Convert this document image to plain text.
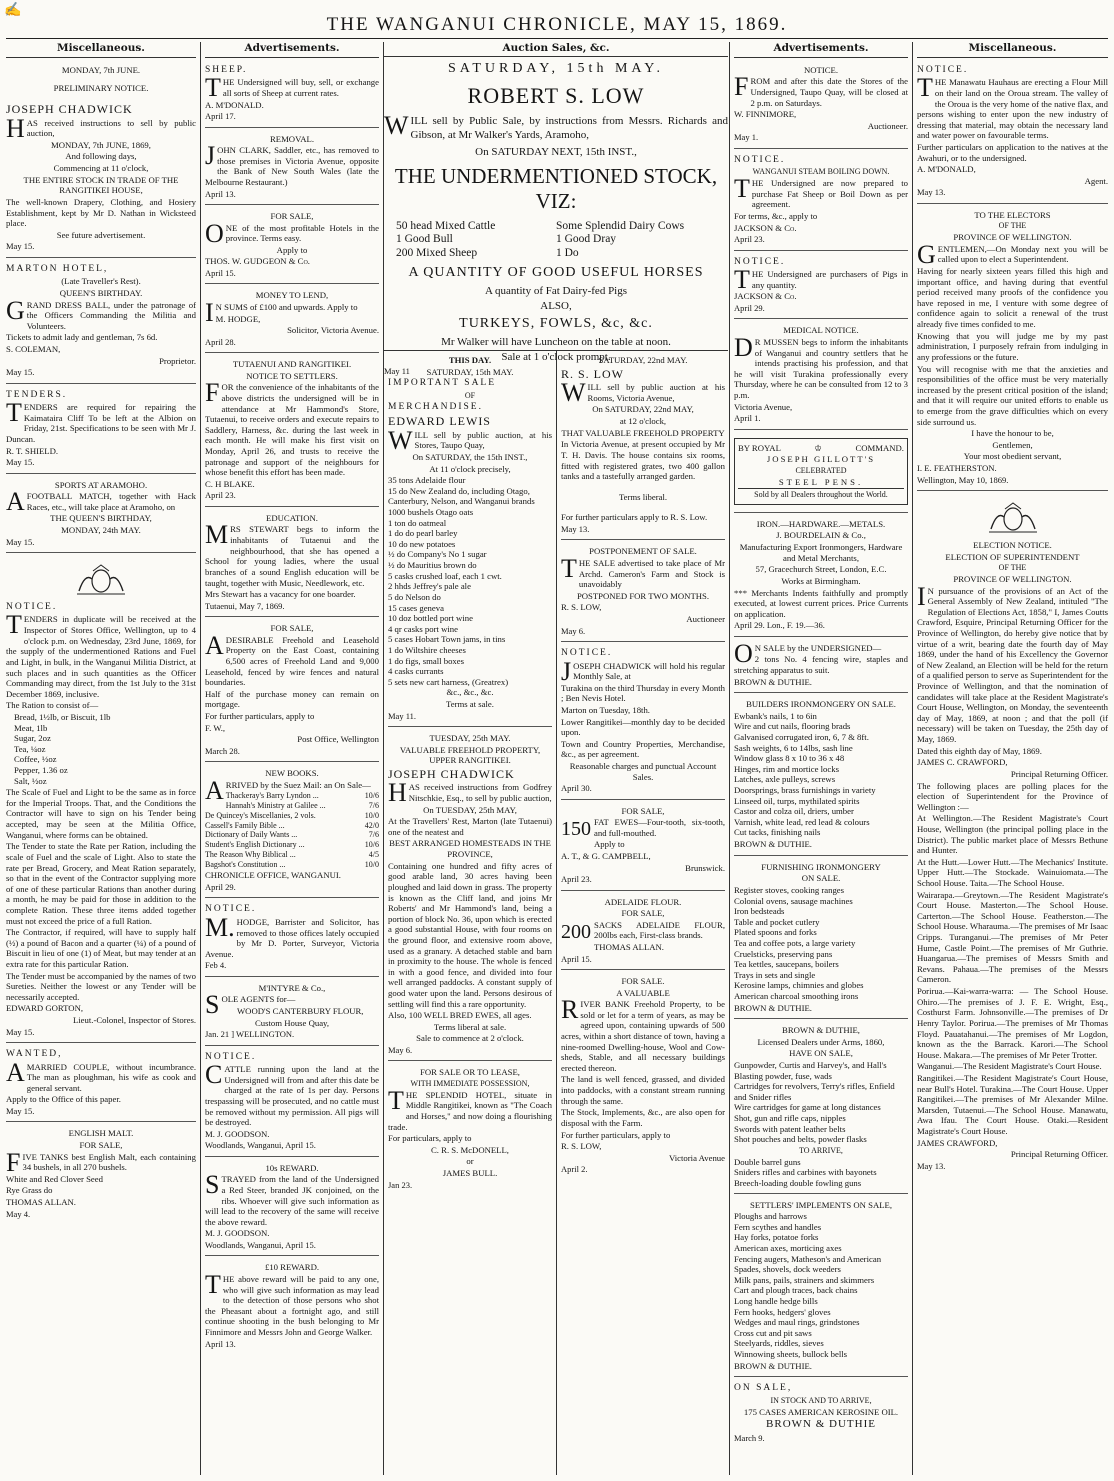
✍
THE WANGANUI CHRONICLE, MAY 15, 1869.
Miscellaneous.

MONDAY, 7th JUNE.

PRELIMINARY NOTICE.

JOSEPH CHADWICK

HAS received instructions to sell by public auction,

MONDAY, 7th JUNE, 1869,

And following days,

Commencing at 11 o'clock,

THE ENTIRE STOCK IN TRADE OF THE RANGITIKEI HOUSE,

The well-known Drapery, Clothing, and Hosiery Establishment, kept by Mr D. Nathan in Wicksteed place.

See future advertisement.

May 15.

MARTON HOTEL,

(Late Traveller's Rest).

QUEEN'S BIRTHDAY.

GRAND DRESS BALL, under the patronage of the Officers Commanding the Militia and Volunteers.

Tickets to admit lady and gentleman, 7s 6d.

S. COLEMAN,

Proprietor.

May 15.

TENDERS.

TENDERS are required for repairing the Kaimataira Cliff To be left at the Albion on Friday, 21st. Specifications to be seen with Mr J. Duncan.

R. T. SHIELD.

May 15.

SPORTS AT ARAMOHO.

AFOOTBALL MATCH, together with Hack Races, etc., will take place at Aramoho, on

THE QUEEN'S BIRTHDAY,

MONDAY, 24th MAY.

May 15.

NOTICE.

TENDERS in duplicate will be received at the Inspector of Stores Office, Wellington, up to 4 o'clock p.m. on Wednesday, 23rd June, 1869, for the supply of the undermentioned Rations and Fuel and Light, in bulk, in the Wanganui Militia District, at such places and in such quantities as the Officer Commanding may direct, from the 1st July to the 31st December 1869, inclusive.

The Ration to consist of—

Bread, 1½lb, or Biscuit, 1lb
Meat, 1lb
Sugar, 2oz
Tea, ¼oz
Coffee, ½oz
Pepper, 1.36 oz
Salt, ½oz

The Scale of Fuel and Light to be the same as in force for the Imperial Troops. That, and the Conditions the Contractor will have to sign on his Tender being accepted, may be seen at the Militia Office, Wanganui, where forms can be obtained.

The Tender to state the Rate per Ration, including the scale of Fuel and the scale of Light. Also to state the rate per Bread, Grocery, and Meat Ration separately, so that in the event of the Contractor supplying more of one of these particular Rations than another during a month, he may be paid for those in addition to the complete Ration. These three items added together must not exceed the price of a full Ration.

The Contractor, if required, will have to supply half (½) a pound of Bacon and a quarter (¼) of a pound of Biscuit in lieu of one (1) of Meat, but may tender at an extra rate for this particular Ration.

The Tender must be accompanied by the names of two Sureties. Neither the lowest or any Tender will be necessarily accepted.

EDWARD GORTON,

Lieut.-Colonel, Inspector of Stores.

May 15.

WANTED,

AMARRIED COUPLE, without incumbrance. The man as ploughman, his wife as cook and general servant.

Apply to the Office of this paper.

May 15.

ENGLISH MALT.

FOR SALE,

FIVE TANKS best English Malt, each containing 34 bushels, in all 270 bushels.

White and Red Clover Seed

Rye Grass do

THOMAS ALLAN.

May 4.

Advertisements.

SHEEP.

THE Undersigned will buy, sell, or exchange all sorts of Sheep at current rates.

A. M'DONALD.

April 17.

REMOVAL.

JOHN CLARK, Saddler, etc., has removed to those premises in Victoria Avenue, opposite the Bank of New South Wales (late the Melbourne Restaurant.)

April 13.

FOR SALE,

ONE of the most profitable Hotels in the province. Terms easy.

Apply to

THOS. W. GUDGEON & Co.

April 15.

MONEY TO LEND,

IN SUMS of £100 and upwards. Apply to

M. HODGE,

Solicitor, Victoria Avenue.

April 28.

TUTAENUI AND RANGITIKEI.

NOTICE TO SETTLERS.

FOR the convenience of the inhabitants of the above districts the undersigned will be in attendance at Mr Hammond's Store, Tutaenui, to receive orders and execute repairs to Saddlery, Harness, &c. during the last week in each month. He will make his first visit on Monday, April 26, and trusts to receive the patronage and support of the neighbours for whose benefit this effort has been made.

C. H BLAKE.

April 23.

EDUCATION.

MRS STEWART begs to inform the inhabitants of Tutaenui and the neighbourhood, that she has opened a School for young ladies, where the usual branches of a sound English education will be taught, together with Music, Needlework, etc.

Mrs Stewart has a vacancy for one boarder.

Tutaenui, May 7, 1869.

FOR SALE,

ADESIRABLE Freehold and Leasehold Property on the East Coast, containing 6,500 acres of Freehold Land and 9,000 Leasehold, fenced by wire fences and natural boundaries.

Half of the purchase money can remain on mortgage.

For further particulars, apply to

F. W.,

Post Office, Wellington

March 28.

NEW BOOKS.

ARRIVED by the Suez Mail: an On Sale—

Thackeray's Barry Lyndon ...	10/6
Hannah's Ministry at Galilee ...	7/6
De Quincey's Miscellanies, 2 vols.	10/0
Cassell's Family Bible ...	42/0
Dictionary of Daily Wants ...	7/6
Student's English Dictionary ...	10/6
The Reason Why Biblical ...	4/5
Bagshot's Constitution ...	10/0

CHRONICLE OFFICE, WANGANUI.

April 29.

NOTICE.

M.HODGE, Barrister and Solicitor, has removed to those offices lately occupied by Mr D. Porter, Surveyor, Victoria Avenue.

Feb 4.

M'INTYRE & Co.,

SOLE AGENTS for—

WOOD'S CANTERBURY FLOUR,

Custom House Quay,

Jan. 21 ] WELLINGTON.

NOTICE.

CATTLE running upon the land at the Undersigned will from and after this date be charged at the rate of 1s per day. Persons trespassing will be prosecuted, and no cattle must be removed without my permission. All pigs will be destroyed.

M. J. GOODSON.

Woodlands, Wanganui, April 15.

10s REWARD.

STRAYED from the land of the Undersigned a Red Steer, branded JK conjoined, on the ribs. Whoever will give such information as will lead to the recovery of the same will receive the above reward.

M. J. GOODSON.

Woodlands, Wanganui, April 15.

£10 REWARD.

THE above reward will be paid to any one, who will give such information as may lead to the detection of those persons who shot the Pheasant about a fortnight ago, and still continue shooting in the bush belonging to Mr Finnimore and Messrs John and George Walker.

April 13.

Auction Sales, &c.
SATURDAY, 15th MAY.
ROBERT S. LOW

WILL sell by Public Sale, by instructions from Messrs. Richards and Gibson, at Mr Walker's Yards, Aramoho,

On SATURDAY NEXT, 15th INST.,
THE UNDERMENTIONED STOCK, VIZ:
50 head Mixed Cattle	Some Splendid Dairy Cows
1 Good Bull	1 Good Dray
200 Mixed Sheep	1 Do
A QUANTITY OF GOOD USEFUL HORSES
A quantity of Fat Dairy-fed Pigs
ALSO,
TURKEYS, FOWLS, &c, &c.
Mr Walker will have Luncheon on the table at noon.
Sale at 1 o'clock prompt.
May 11

THIS DAY.

SATURDAY, 15th MAY.

IMPORTANT SALE

OF

MERCHANDISE.

EDWARD LEWIS

WILL sell by public auction, at his Stores, Taupo Quay,

On SATURDAY, the 15th INST.,

At 11 o'clock precisely,

35 tons Adelaide flour
15 do New Zealand do, including Otago, Canterbury, Nelson, and Wanganui brands
1000 bushels Otago oats
1 ton do oatmeal
1 do do pearl barley
10 do new potatoes
½ do Company's No 1 sugar
½ do Mauritius brown do
5 casks crushed loaf, each 1 cwt.
2 hhds Jeffrey's pale ale
5 do Nelson do
15 cases geneva
10 doz bottled port wine
4 qr casks port wine
5 cases Hobart Town jams, in tins
1 do Wiltshire cheeses
1 do figs, small boxes
4 casks currants
5 sets new cart harness, (Greatrex)
&c., &c., &c.

Terms at sale.

May 11.

TUESDAY, 25th MAY.

VALUABLE FREEHOLD PROPERTY, UPPER RANGITIKEI.

JOSEPH CHADWICK

HAS received instructions from Godfrey Nitschkie, Esq., to sell by public auction,

On TUESDAY, 25th MAY,

At the Travellers' Rest, Marton (late Tutaenui) one of the neatest and

BEST ARRANGED HOMESTEADS IN THE PROVINCE,

Containing one hundred and fifty acres of good arable land, 30 acres having been ploughed and laid down in grass. The property is known as the Cliff land, and joins Mr Roberts' and Mr Hammond's land, being a portion of block No. 36, upon which is erected a good substantial House, with four rooms on the ground floor, and extensive room above, used as a granary. A detached stable and barn in proximity to the house. The whole is fenced in with a good fence, and divided into four well arranged paddocks. A constant supply of good water upon the land. Persons desirous of settling will find this a rare opportunity.

Also, 100 WELL BRED EWES, all ages.

Terms liberal at sale.

Sale to commence at 2 o'clock.

May 6.

FOR SALE OR TO LEASE,

WITH IMMEDIATE POSSESSION,

THE SPLENDID HOTEL, situate in Middle Rangitikei, known as "The Coach and Horses," and now doing a flourishing trade.

For particulars, apply to

C. R. S. McDONELL,

or

JAMES BULL.

Jan 23.

SATURDAY, 22nd MAY.

R. S. LOW

WILL sell by public auction at his Rooms, Victoria Avenue,

On SATURDAY, 22nd MAY,

at 12 o'clock,

THAT VALUABLE FREEHOLD PROPERTY

In Victoria Avenue, at present occupied by Mr T. H. Davis. The house contains six rooms, fitted with registered grates, two 400 gallon tanks and a tastefully arranged garden.

Terms liberal.

For further particulars apply to R. S. Low.

May 13.

POSTPONEMENT OF SALE.

THE SALE advertised to take place of Mr Archd. Cameron's Farm and Stock is unavoidably

POSTPONED FOR TWO MONTHS.

R. S. LOW,

Auctioneer

May 6.

NOTICE.

JOSEPH CHADWICK will hold his regular Monthly Sale, at

Turakina on the third Thursday in every Month ; Ben Nevis Hotel.

Marton on Tuesday, 18th.

Lower Rangitikei—monthly day to be decided upon.

Town and Country Properties, Merchandise, &c., as per agreement.

Reasonable charges and punctual Account Sales.

April 30.

FOR SALE,

150 FAT EWES—Four-tooth, six-tooth, and full-mouthed.

Apply to

A. T., & G. CAMPBELL,

Brunswick.

April 23.

ADELAIDE FLOUR.

FOR SALE,

200 SACKS ADELAIDE FLOUR, 200lbs each, First-class brands.

THOMAS ALLAN.

April 15.

FOR SALE.

A VALUABLE

RIVER BANK Freehold Property, to be sold or let for a term of years, as may be agreed upon, containing upwards of 500 acres, within a short distance of town, having a nine-roomed Dwelling-house, Wool and Cow-sheds, Stable, and all necessary buildings erected thereon.

The land is well fenced, grassed, and divided into paddocks, with a constant stream running through the same.

The Stock, Implements, &c., are also open for disposal with the Farm.

For further particulars, apply to

R. S. LOW,

Victoria Avenue

April 2.

Advertisements.

NOTICE.

FROM and after this date the Stores of the Undersigned, Taupo Quay, will be closed at 2 p.m. on Saturdays.

W. FINNIMORE,

Auctioneer.

May 1.

NOTICE.

WANGANUI STEAM BOILING DOWN.

THE Undersigned are now prepared to purchase Fat Sheep or Boil Down as per agreement.

For terms, &c., apply to

JACKSON & Co.

April 23.

NOTICE.

THE Undersigned are purchasers of Pigs in any quantity.

JACKSON & Co.

April 29.

MEDICAL NOTICE.

DR MUSSEN begs to inform the inhabitants of Wanganui and country settlers that he intends practising his profession, and that he will visit Turakina professionally every Thursday, where he can be consulted from 12 to 3 p.m.

Victoria Avenue,

April 1.

BY ROYAL	♔	COMMAND.

JOSEPH GILLOTT'S

CELEBRATED

STEEL PENS.

Sold by all Dealers throughout the World.

IRON.—HARDWARE.—METALS.

J. BOURDELAIN & Co.,

Manufacturing Export Ironmongers, Hardware and Metal Merchants,

57, Gracechurch Street, London, E.C.

Works at Birmingham.

*** Merchants Indents faithfully and promptly executed, at lowest current prices. Price Currents on application.

April 29. Lon., F. 19.—36.

ON SALE by the UNDERSIGNED—

2 tons No. 4 fencing wire, staples and stretching apparatus to suit.

BROWN & DUTHIE.

BUILDERS IRONMONGERY ON SALE.

Ewbank's nails, 1 to 6in
Wire and cut nails, flooring brads
Galvanised corrugated iron, 6, 7 & 8ft.
Sash weights, 6 to 14lbs, sash line
Window glass 8 x 10 to 36 x 48
Hinges, rim and mortice locks
Latches, axle pulleys, screws
Doorsprings, brass furnishings in variety
Linseed oil, turps, mythilated spirits
Castor and colza oil, driers, umber
Varnish, white lead, red lead & colours
Cut tacks, finishing nails

BROWN & DUTHIE.

FURNISHING IRONMONGERY

ON SALE.

Register stoves, cooking ranges
Colonial ovens, sausage machines
Iron bedsteads
Table and pocket cutlery
Plated spoons and forks
Tea and coffee pots, a large variety
Cruelsticks, preserving pans
Tea kettles, saucepans, boilers
Trays in sets and single
Kerosine lamps, chimnies and globes
American charcoal smoothing irons

BROWN & DUTHIE.

BROWN & DUTHIE,

Licensed Dealers under Arms, 1860,

HAVE ON SALE,

Gunpowder, Curtis and Harvey's, and Hall's
Blasting powder, fuse, wads
Cartridges for revolvers, Terry's rifles, Enfield and Snider rifles
Wire cartridges for game at long distances
Shot, gun and rifle caps, nipples
Swords with patent leather belts
Shot pouches and belts, powder flasks

TO ARRIVE,

Double barrel guns
Sniders rifles and carbines with bayonets
Breech-loading double fowling guns

SETTLERS' IMPLEMENTS ON SALE,

Ploughs and harrows
Fern scythes and handles
Hay forks, potatoe forks
American axes, morticing axes
Fencing augers, Matheson's and American
Spades, shovels, dock weeders
Milk pans, pails, strainers and skimmers
Cart and plough traces, back chains
Long handle hedge bills
Fern hooks, hedgers' gloves
Wedges and maul rings, grindstones
Cross cut and pit saws
Steelyards, riddles, sieves
Winnowing sheets, bullock bells

BROWN & DUTHIE.

ON SALE,

IN STOCK AND TO ARRIVE,

175 CASES AMERICAN KEROSINE OIL.

BROWN & DUTHIE

March 9.

Miscellaneous.

NOTICE.

THE Manawatu Hauhaus are erecting a Flour Mill on their land on the Oroua stream. The valley of the Oroua is the very home of the native flax, and persons wishing to enter upon the new industry of dressing that material, may obtain the necessary land and water power on favourable terms.

Further particulars on application to the natives at the Awahuri, or to the undersigned.

A. M'DONALD,

Agent.

May 13.

TO THE ELECTORS

OF THE

PROVINCE OF WELLINGTON.

GENTLEMEN,—On Monday next you will be called upon to elect a Superintendent.

Having for nearly sixteen years filled this high and important office, and having during that eventful period received many proofs of the confidence you have reposed in me, I venture with some degree of confidence again to solicit a renewal of the trust already five times confided to me.

Knowing that you will judge me by my past administration, I purposely refrain from indulging in any professions or the future.

You will recognise with me that the anxieties and responsibilities of the office must be very materially increased by the present critical position of the island; and that it will require our united efforts to enable us to emerge from the grave difficulties which on every side surround us.

I have the honour to be,

Gentlemen,

Your most obedient servant,

I. E. FEATHERSTON.

Wellington, May 10, 1869.

ELECTION NOTICE.

ELECTION OF SUPERINTENDENT

OF THE

PROVINCE OF WELLINGTON.

IN pursuance of the provisions of an Act of the General Assembly of New Zealand, intituled "The Regulation of Elections Act, 1858," I, James Coutts Crawford, Esquire, Principal Returning Officer for the Province of Wellington, do hereby give notice that by virtue of a writ, bearing date the fourth day of May 1869, under the hand of his Excellency the Governor of New Zealand, an Election will be held for the return of a qualified person to serve as Superintendent for the Province of Wellington, and that the nomination of candidates will take place at the Resident Magistrate's Court House, Wellington, on Monday, the seventeenth day of May, 1869, at noon ; and that the poll (if necessary) will be taken on Tuesday, the 25th day of May, 1869.

Dated this eighth day of May, 1869.

JAMES C. CRAWFORD,

Principal Returning Officer.

The following places are polling places for the election of Superintendent for the Province of Wellington :—

At Wellington.—The Resident Magistrate's Court House, Wellington (the principal polling place in the District). The public market place of Messrs Bethune and Hunter.

At the Hutt.—Lower Hutt.—The Mechanics' Institute. Upper Hutt.—The Stockade. Wainuiomata.—The School House. Taita.—The School House.

Wairarapa.—Greytown.—The Resident Magistrate's Court House. Masterton.—The School House. Carterton.—The School House. Featherston.—The School House. Wharauma.—The premises of Mr Isaac Cripps. Turanganui.—The premises of Mr Peter Hume, Castle Point.—The premises of Mr Guthrie. Huangarua.—The premises of Messrs Smith and Revans. Pahaua.—The premises of the Messrs Cameron.

Porirua.—Kai-warra-warra: — The School House. Ohiro.—The premises of J. F. E. Wright, Esq., Costhurst Farm. Johnsonville.—The premises of Dr Henry Taylor. Porirua.—The premises of Mr Thomas Floyd. Pauatahanui.—The premises of Mr Logdon, known as the the Barrack. Karori.—The School House. Makara.—The premises of Mr Peter Trotter.

Wanganui.—The Resident Magistrate's Court House.

Rangitikei.—The Resident Magistrate's Court House, near Bull's Hotel. Turakina.—The Court House. Upper Rangitikei.—The premises of Mr Alexander Milne. Marsden, Tutaenui.—The School House. Manawatu, Awa Ifau. The Court House. Otaki.—Resident Magistrate's Court House.

JAMES CRAWFORD,

Principal Returning Officer.

May 13.
